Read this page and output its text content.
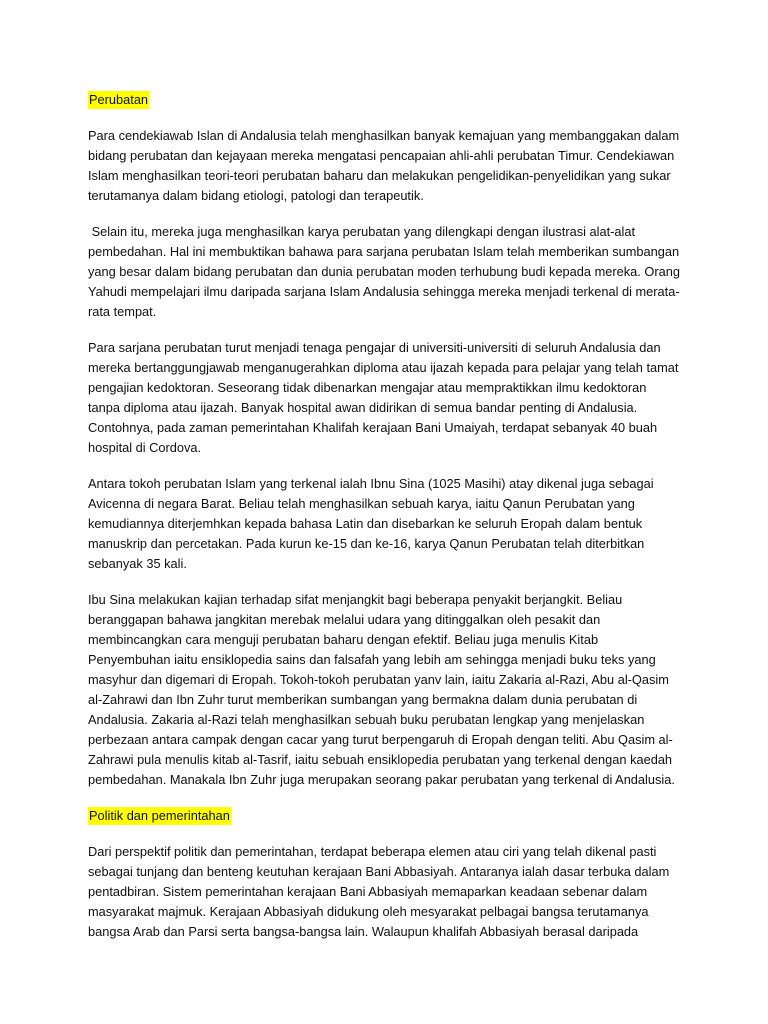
Perubatan

Para cendekiawab Islan di Andalusia telah menghasilkan banyak kemajuan yang membanggakan dalam bidang perubatan dan kejayaan mereka mengatasi pencapaian ahli-ahli perubatan Timur. Cendekiawan Islam menghasilkan teori-teori perubatan baharu dan melakukan pengelidikan-penyelidikan yang sukar terutamanya dalam bidang etiologi, patologi dan terapeutik.

Selain itu, mereka juga menghasilkan karya perubatan yang dilengkapi dengan ilustrasi alat-alat pembedahan. Hal ini membuktikan bahawa para sarjana perubatan Islam telah memberikan sumbangan yang besar dalam bidang perubatan dan dunia perubatan moden terhubung budi kepada mereka. Orang Yahudi mempelajari ilmu daripada sarjana Islam Andalusia sehingga mereka menjadi terkenal di merata-rata tempat.

Para sarjana perubatan turut menjadi tenaga pengajar di universiti-universiti di seluruh Andalusia dan mereka bertanggungjawab menganugerahkan diploma atau ijazah kepada para pelajar yang telah tamat pengajian kedoktoran. Seseorang tidak dibenarkan mengajar atau mempraktikkan ilmu kedoktoran tanpa diploma atau ijazah. Banyak hospital awan didirikan di semua bandar penting di Andalusia. Contohnya, pada zaman pemerintahan Khalifah kerajaan Bani Umaiyah, terdapat sebanyak 40 buah hospital di Cordova.

Antara tokoh perubatan Islam yang terkenal ialah Ibnu Sina (1025 Masihi) atay dikenal juga sebagai Avicenna di negara Barat. Beliau telah menghasilkan sebuah karya, iaitu Qanun Perubatan yang kemudiannya diterjemhkan kepada bahasa Latin dan disebarkan ke seluruh Eropah dalam bentuk manuskrip dan percetakan. Pada kurun ke-15 dan ke-16, karya Qanun Perubatan telah diterbitkan sebanyak 35 kali.

Ibu Sina melakukan kajian terhadap sifat menjangkit bagi beberapa penyakit berjangkit. Beliau beranggapan bahawa jangkitan merebak melalui udara yang ditinggalkan oleh pesakit dan membincangkan cara menguji perubatan baharu dengan efektif. Beliau juga menulis Kitab Penyembuhan iaitu ensiklopedia sains dan falsafah yang lebih am sehingga menjadi buku teks yang masyhur dan digemari di Eropah. Tokoh-tokoh perubatan yanv lain, iaitu Zakaria al-Razi, Abu al-Qasim al-Zahrawi dan Ibn Zuhr turut memberikan sumbangan yang bermakna dalam dunia perubatan di Andalusia. Zakaria al-Razi telah menghasilkan sebuah buku perubatan lengkap yang menjelaskan perbezaan antara campak dengan cacar yang turut berpengaruh di Eropah dengan teliti. Abu Qasim al-Zahrawi pula menulis kitab al-Tasrif, iaitu sebuah ensiklopedia perubatan yang terkenal dengan kaedah pembedahan. Manakala Ibn Zuhr juga merupakan seorang pakar perubatan yang terkenal di Andalusia.

Politik dan pemerintahan

Dari perspektif politik dan pemerintahan, terdapat beberapa elemen atau ciri yang telah dikenal pasti sebagai tunjang dan benteng keutuhan kerajaan Bani Abbasiyah. Antaranya ialah dasar terbuka dalam pentadbiran. Sistem pemerintahan kerajaan Bani Abbasiyah memaparkan keadaan sebenar dalam masyarakat majmuk. Kerajaan Abbasiyah didukung oleh mesyarakat pelbagai bangsa terutamanya bangsa Arab dan Parsi serta bangsa-bangsa lain. Walaupun khalifah Abbasiyah berasal daripada
